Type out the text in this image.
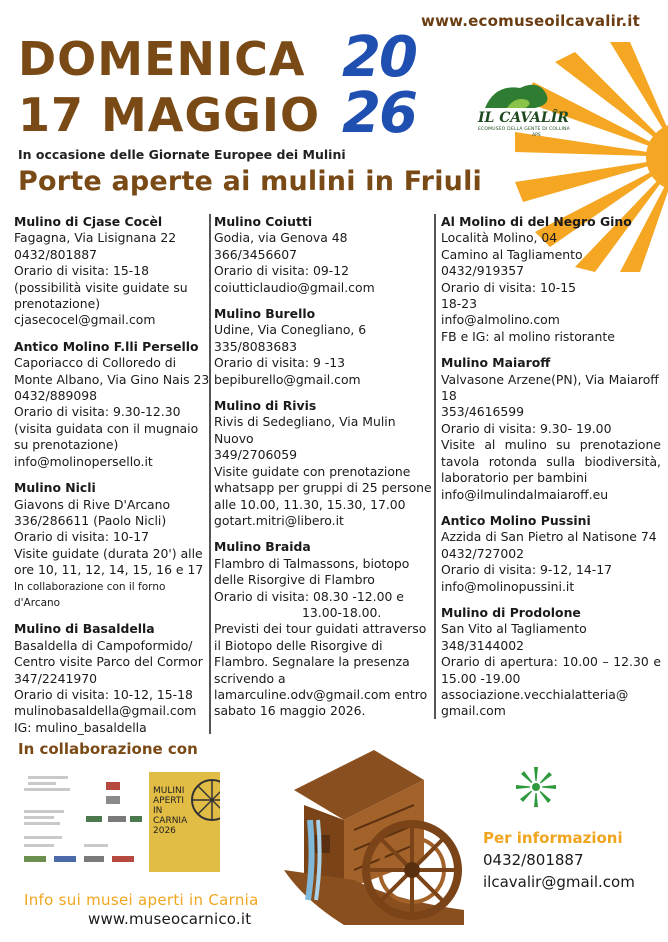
www.ecomuseoilcavalir.it
DOMENICA
17 MAGGIO
20
26	IL CAVALÎR
ECOMUSEO DELLA GENTE DI COLLINA
APS
In occasione delle Giornate Europee dei Mulini
Porte aperte ai mulini in Friuli
Mulino di Cjase Cocèl
Fagagna, Via Lisignana 22
0432/801887
Orario di visita: 15-18 (possibilità visite guidate su prenotazione)
cjasecocel@gmail.com
Antico Molino F.lli Persello
Caporiacco di Colloredo di Monte Albano, Via Gino Nais 23
0432/889098
Orario di visita: 9.30-12.30 (visita guidata con il mugnaio su prenotazione)
info@molinopersello.it
Mulino Nicli
Giavons di Rive D'Arcano
336/286611 (Paolo Nicli)
Orario di visita: 10-17
Visite guidate (durata 20') alle ore 10, 11, 12, 14, 15, 16 e 17
In collaborazione con il forno d'Arcano
Mulino di Basaldella
Basaldella di Campoformido/ Centro visite Parco del Cormor
347/2241970
Orario di visita: 10-12, 15-18
mulinobasaldella@gmail.com
IG: mulino_basaldella
Mulino Coiutti
Godia, via Genova 48
366/3456607
Orario di visita: 09-12
coiutticlaudio@gmail.com
Mulino Burello
Udine, Via Conegliano, 6
335/8083683
Orario di visita: 9 -13
bepiburello@gmail.com
Mulino di Rivis
Rivis di Sedegliano, Via Mulin Nuovo
349/2706059
Visite guidate con prenotazione whatsapp per gruppi di 25 persone alle 10.00, 11.30, 15.30, 17.00
gotart.mitri@libero.it
Mulino Braida
Flambro di Talmassons, biotopo delle Risorgive di Flambro
Orario di visita: 08.30 -12.00 e
13.00-18.00.
Previsti dei tour guidati attraverso il Biotopo delle Risorgive di Flambro. Segnalare la presenza scrivendo a lamarculine.odv@gmail.com entro sabato 16 maggio 2026.
Al Molino di del Negro Gino
Località Molino, 04
Camino al Tagliamento
0432/919357
Orario di visita: 10-15
18-23
info@almolino.com
FB e IG: al molino ristorante
Mulino Maiaroff
Valvasone Arzene(PN), Via Maiaroff 18
353/4616599
Orario di visita: 9.30- 19.00
Visite al mulino su prenotazione tavola rotonda sulla biodiversità, laboratorio per bambini
info@ilmulindalmaiaroff.eu
Antico Molino Pussini
Azzida di San Pietro al Natisone 74
0432/727002
Orario di visita: 9-12, 14-17
info@molinopussini.it
Mulino di Prodolone
San Vito al Tagliamento
348/3144002
Orario di apertura: 10.00 – 12.30 e 15.00 -19.00
associazione.vecchialatteria@ gmail.com
In collaborazione con
MULINI
APERTI
IN
CARNIA
2026
Info sui musei aperti in Carnia
www.museocarnico.it
Per informazioni
0432/801887
ilcavalir@gmail.com
